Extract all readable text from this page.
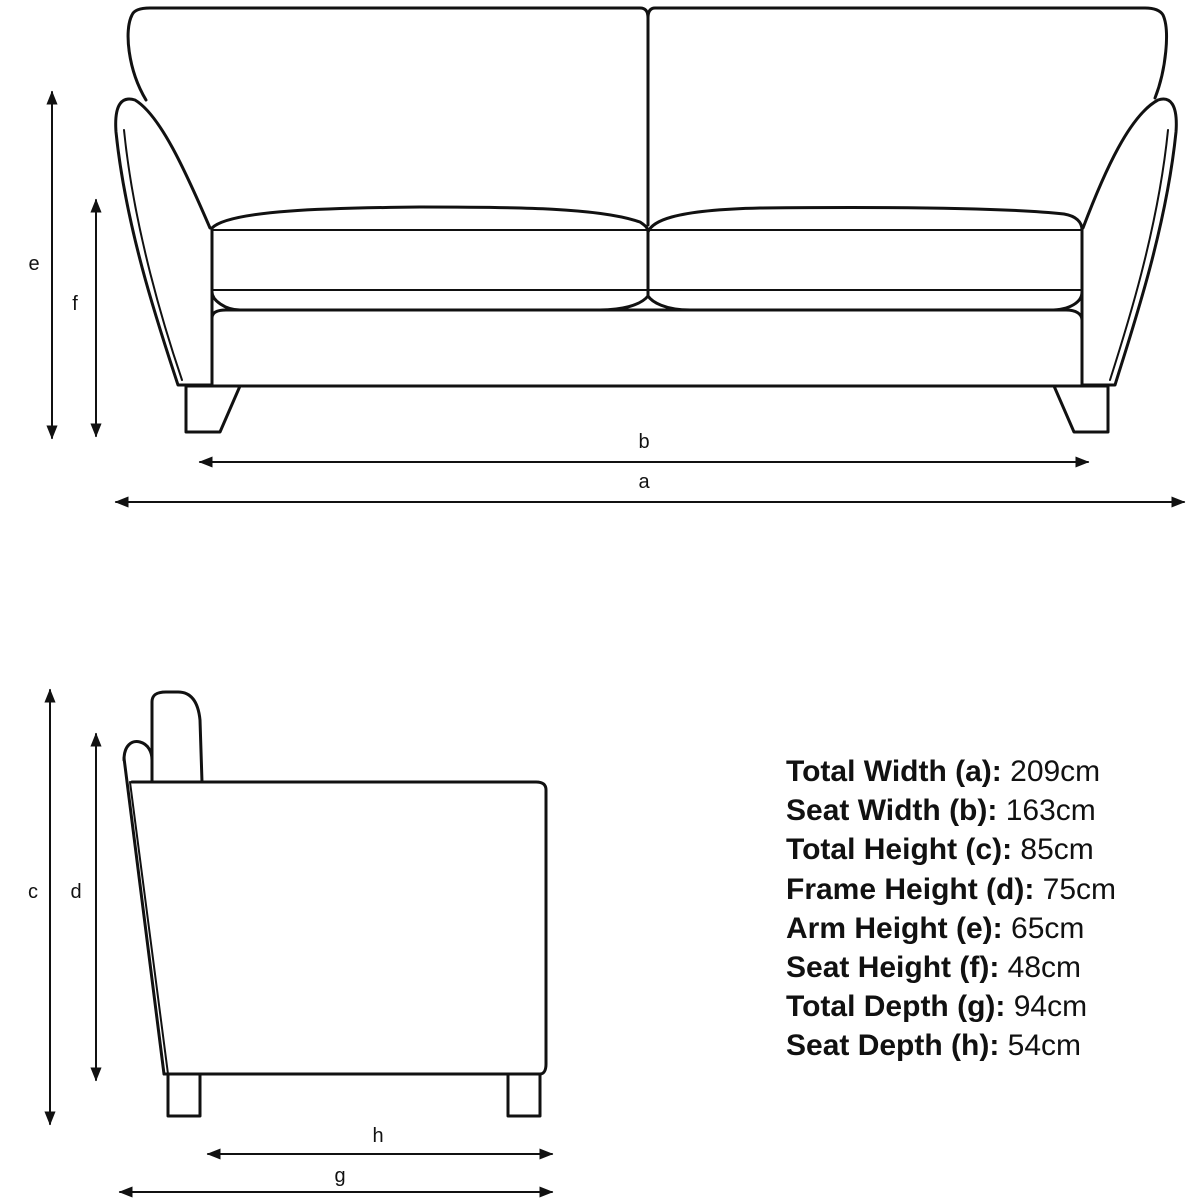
e
f
b
a
c d
h
g
Total Width (a): 209cm
Seat Width (b): 163cm
Total Height (c): 85cm
Frame Height (d): 75cm
Arm Height (e): 65cm
Seat Height (f): 48cm
Total Depth (g): 94cm
Seat Depth (h): 54cm
